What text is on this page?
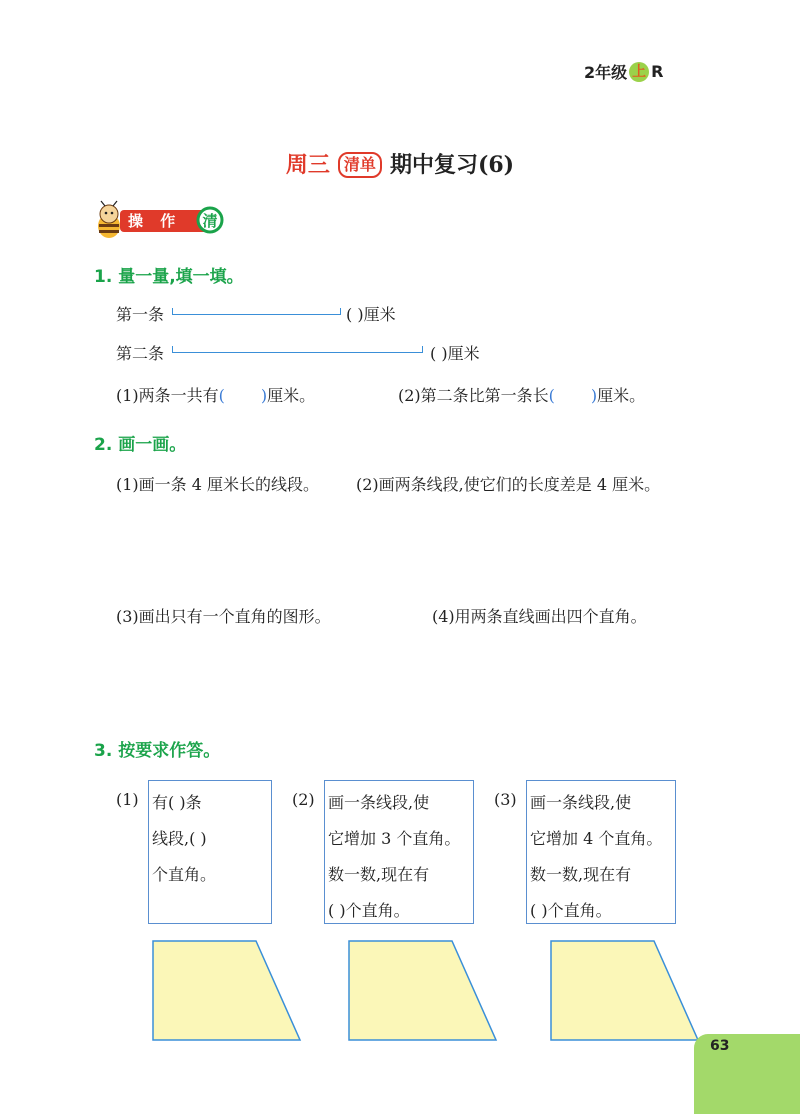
2年级 上 R
周三 清单 期中复习(6)
操 作	清
1. 量一量,填一填。
第一条	( )厘米
第二条	( )厘米
(1)两条一共有( )厘米。	(2)第二条比第一条长( )厘米。
2. 画一画。
(1)画一条 4 厘米长的线段。 (2)画两条线段,使它们的长度差是 4 厘米。
(3)画出只有一个直角的图形。	(4)用两条直线画出四个直角。
3. 按要求作答。
(1) 有( )条
线段,( )
个直角。
(2) 画一条线段,使
它增加 3 个直角。
数一数,现在有
( )个直角。
(3) 画一条线段,使
它增加 4 个直角。
数一数,现在有
( )个直角。
63
